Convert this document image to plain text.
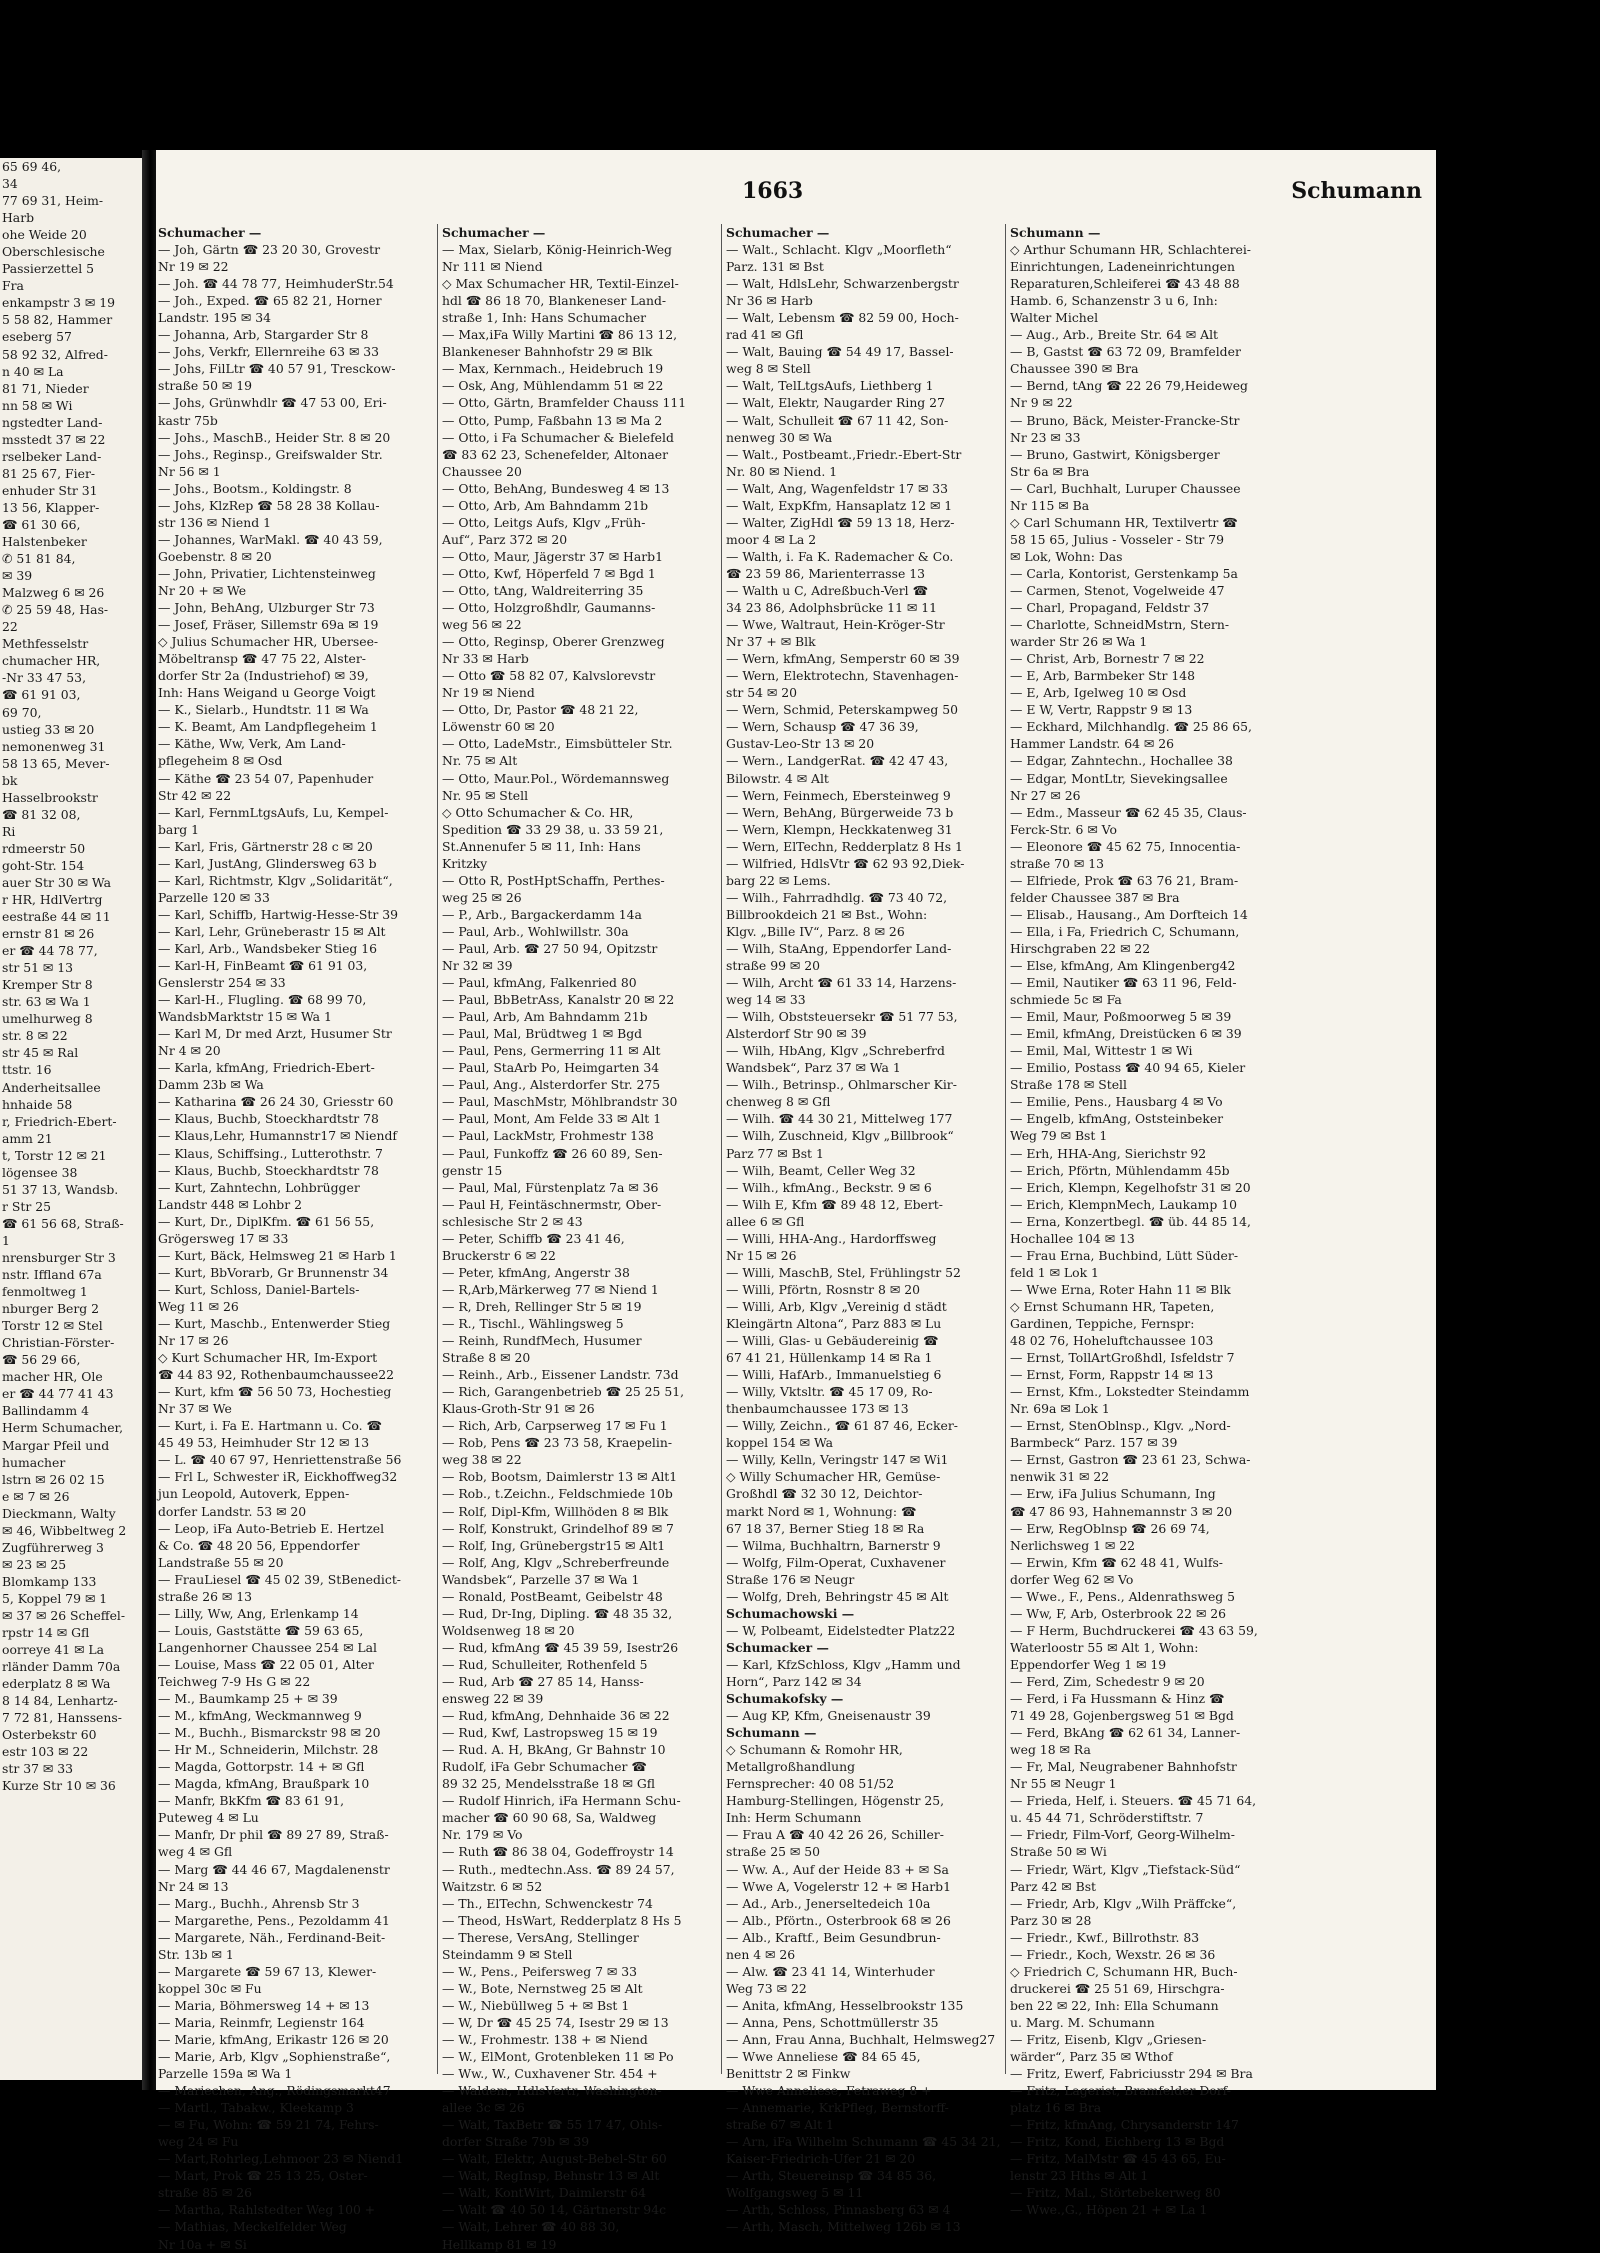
65 69 46,
34
77 69 31, Heim-
Harb
ohe Weide 20
Oberschlesische
Passierzettel 5
Fra
enkampstr 3 ✉ 19
5 58 82, Hammer
eseberg 57
58 92 32, Alfred-
n 40 ✉ La
81 71, Nieder
nn 58 ✉ Wi
ngstedter Land-
msstedt 37 ✉ 22
rselbeker Land-
81 25 67, Fier-
enhuder Str 31
13 56, Klapper-
☎ 61 30 66,
Halstenbeker
✆ 51 81 84,
✉ 39
Malzweg 6 ✉ 26
✆ 25 59 48, Has-
22
Methfesselstr
chumacher HR,
-Nr 33 47 53,
☎ 61 91 03,
69 70,
ustieg 33 ✉ 20
nemonenweg 31
58 13 65, Mever-
bk
Hasselbrookstr
☎ 81 32 08,
Ri
rdmeerstr 50
goht-Str. 154
auer Str 30 ✉ Wa
r HR, HdlVertrg
eestraße 44 ✉ 11
ernstr 81 ✉ 26
er ☎ 44 78 77,
str 51 ✉ 13
Kremper Str 8
str. 63 ✉ Wa 1
umelhurweg 8
str. 8 ✉ 22
str 45 ✉ Ral
ttstr. 16
Anderheitsallee
hnhaide 58
r, Friedrich-Ebert-
amm 21
t, Torstr 12 ✉ 21
lögensee 38
51 37 13, Wandsb.
r Str 25
☎ 61 56 68, Straß-
1
nrensburger Str 3
nstr. Iffland 67a
fenmoltweg 1
nburger Berg 2
Torstr 12 ✉ Stel
Christian-Förster-
☎ 56 29 66,
macher HR, Ole
er ☎ 44 77 41 43
Ballindamm 4
Herm Schumacher,
Margar Pfeil und
humacher
lstrn ✉ 26 02 15
e ✉ 7 ✉ 26
Dieckmann, Walty
✉ 46, Wibbeltweg 2
Zugführerweg 3
✉ 23 ✉ 25
Blomkamp 133
5, Koppel 79 ✉ 1
✉ 37 ✉ 26 Scheffel-
rpstr 14 ✉ Gfl
oorreye 41 ✉ La
rländer Damm 70a
ederplatz 8 ✉ Wa
8 14 84, Lenhartz-
7 72 81, Hanssens-
Osterbekstr 60
estr 103 ✉ 22
str 37 ✉ 33
Kurze Str 10 ✉ 36
1663	Schumann
Schumacher —
— Joh, Gärtn ☎ 23 20 30, Grovestr
Nr 19 ✉ 22
— Joh. ☎ 44 78 77, HeimhuderStr.54
— Joh., Exped. ☎ 65 82 21, Horner
Landstr. 195 ✉ 34
— Johanna, Arb, Stargarder Str 8
— Johs, Verkfr, Ellernreihe 63 ✉ 33
— Johs, FilLtr ☎ 40 57 91, Tresckow-
straße 50 ✉ 19
— Johs, Grünwhdlr ☎ 47 53 00, Eri-
kastr 75b
— Johs., MaschB., Heider Str. 8 ✉ 20
— Johs., Reginsp., Greifswalder Str.
Nr 56 ✉ 1
— Johs., Bootsm., Koldingstr. 8
— Johs, KlzRep ☎ 58 28 38 Kollau-
str 136 ✉ Niend 1
— Johannes, WarMakl. ☎ 40 43 59,
Goebenstr. 8 ✉ 20
— John, Privatier, Lichtensteinweg
Nr 20 + ✉ We
— John, BehAng, Ulzburger Str 73
— Josef, Fräser, Sillemstr 69a ✉ 19
◇ Julius Schumacher HR, Ubersee-
Möbeltransp ☎ 47 75 22, Alster-
dorfer Str 2a (Industriehof) ✉ 39,
Inh: Hans Weigand u George Voigt
— K., Sielarb., Hundtstr. 11 ✉ Wa
— K. Beamt, Am Landpflegeheim 1
— Käthe, Ww, Verk, Am Land-
pflegeheim 8 ✉ Osd
— Käthe ☎ 23 54 07, Papenhuder
Str 42 ✉ 22
— Karl, FernmLtgsAufs, Lu, Kempel-
barg 1
— Karl, Fris, Gärtnerstr 28 c ✉ 20
— Karl, JustAng, Glindersweg 63 b
— Karl, Richtmstr, Klgv „Solidarität“,
Parzelle 120 ✉ 33
— Karl, Schiffb, Hartwig-Hesse-Str 39
— Karl, Lehr, Grüneberastr 15 ✉ Alt
— Karl, Arb., Wandsbeker Stieg 16
— Karl-H, FinBeamt ☎ 61 91 03,
Genslerstr 254 ✉ 33
— Karl-H., Flugling. ☎ 68 99 70,
WandsbMarktstr 15 ✉ Wa 1
— Karl M, Dr med Arzt, Husumer Str
Nr 4 ✉ 20
— Karla, kfmAng, Friedrich-Ebert-
Damm 23b ✉ Wa
— Katharina ☎ 26 24 30, Griesstr 60
— Klaus, Buchb, Stoeckhardtstr 78
— Klaus,Lehr, Humannstr17 ✉ Niendf
— Klaus, Schiffsing., Lutterothstr. 7
— Klaus, Buchb, Stoeckhardtstr 78
— Kurt, Zahntechn, Lohbrügger
Landstr 448 ✉ Lohbr 2
— Kurt, Dr., DiplKfm. ☎ 61 56 55,
Grögersweg 17 ✉ 33
— Kurt, Bäck, Helmsweg 21 ✉ Harb 1
— Kurt, BbVorarb, Gr Brunnenstr 34
— Kurt, Schloss, Daniel-Bartels-
Weg 11 ✉ 26
— Kurt, Maschb., Entenwerder Stieg
Nr 17 ✉ 26
◇ Kurt Schumacher HR, Im-Export
☎ 44 83 92, Rothenbaumchaussee22
— Kurt, kfm ☎ 56 50 73, Hochestieg
Nr 37 ✉ We
— Kurt, i. Fa E. Hartmann u. Co. ☎
45 49 53, Heimhuder Str 12 ✉ 13
— L. ☎ 40 67 97, Henriettenstraße 56
— Frl L, Schwester iR, Eickhoffweg32
jun Leopold, Autoverk, Eppen-
dorfer Landstr. 53 ✉ 20
— Leop, iFa Auto-Betrieb E. Hertzel
& Co. ☎ 48 20 56, Eppendorfer
Landstraße 55 ✉ 20
— FrauLiesel ☎ 45 02 39, StBenedict-
straße 26 ✉ 13
— Lilly, Ww, Ang, Erlenkamp 14
— Louis, Gaststätte ☎ 59 63 65,
Langenhorner Chaussee 254 ✉ Lal
— Louise, Mass ☎ 22 05 01, Alter
Teichweg 7-9 Hs G ✉ 22
— M., Baumkamp 25 + ✉ 39
— M., kfmAng, Weckmannweg 9
— M., Buchh., Bismarckstr 98 ✉ 20
— Hr M., Schneiderin, Milchstr. 28
— Magda, Gottorpstr. 14 + ✉ Gfl
— Magda, kfmAng, Braußpark 10
— Manfr, BkKfm ☎ 83 61 91,
Puteweg 4 ✉ Lu
— Manfr, Dr phil ☎ 89 27 89, Straß-
weg 4 ✉ Gfl
— Marg ☎ 44 46 67, Magdalenenstr
Nr 24 ✉ 13
— Marg., Buchh., Ahrensb Str 3
— Margarethe, Pens., Pezoldamm 41
— Margarete, Näh., Ferdinand-Beit-
Str. 13b ✉ 1
— Margarete ☎ 59 67 13, Klewer-
koppel 30c ✉ Fu
— Maria, Böhmersweg 14 + ✉ 13
— Maria, Reinmfr, Legienstr 164
— Marie, kfmAng, Erikastr 126 ✉ 20
— Marie, Arb, Klgv „Sophienstraße“,
Parzelle 159a ✉ Wa 1
— Mariechen, Ang., Rödingsmarkt47
— Martl., Tabakw., Kleekamp 3
— ✉ Fu, Wohn: ☎ 59 21 74, Fehrs-
weg 24 ✉ Fu
— Mart,Rohrleg,Lehmoor 23 ✉ Niend1
— Mart, Prok ☎ 25 13 25, Oster-
straße 85 ✉ 26
— Martha, Rahlstedter Weg 100 +
— Mathias, Meckelfelder Weg
Nr 10a + ✉ Si
Schumacher —
— Max, Sielarb, König-Heinrich-Weg
Nr 111 ✉ Niend
◇ Max Schumacher HR, Textil-Einzel-
hdl ☎ 86 18 70, Blankeneser Land-
straße 1, Inh: Hans Schumacher
— Max,iFa Willy Martini ☎ 86 13 12,
Blankeneser Bahnhofstr 29 ✉ Blk
— Max, Kernmach., Heidebruch 19
— Osk, Ang, Mühlendamm 51 ✉ 22
— Otto, Gärtn, Bramfelder Chauss 111
— Otto, Pump, Faßbahn 13 ✉ Ma 2
— Otto, i Fa Schumacher & Bielefeld
☎ 83 62 23, Schenefelder, Altonaer
Chaussee 20
— Otto, BehAng, Bundesweg 4 ✉ 13
— Otto, Arb, Am Bahndamm 21b
— Otto, Leitgs Aufs, Klgv „Früh-
Auf“, Parz 372 ✉ 20
— Otto, Maur, Jägerstr 37 ✉ Harb1
— Otto, Kwf, Höperfeld 7 ✉ Bgd 1
— Otto, tAng, Waldreiterring 35
— Otto, Holzgroßhdlr, Gaumanns-
weg 56 ✉ 22
— Otto, Reginsp, Oberer Grenzweg
Nr 33 ✉ Harb
— Otto ☎ 58 82 07, Kalvslorevstr
Nr 19 ✉ Niend
— Otto, Dr, Pastor ☎ 48 21 22,
Löwenstr 60 ✉ 20
— Otto, LadeMstr., Eimsbütteler Str.
Nr. 75 ✉ Alt
— Otto, Maur.Pol., Wördemannsweg
Nr. 95 ✉ Stell
◇ Otto Schumacher & Co. HR,
Spedition ☎ 33 29 38, u. 33 59 21,
St.Annenufer 5 ✉ 11, Inh: Hans
Kritzky
— Otto R, PostHptSchaffn, Perthes-
weg 25 ✉ 26
— P., Arb., Bargackerdamm 14a
— Paul, Arb., Wohlwillstr. 30a
— Paul, Arb. ☎ 27 50 94, Opitzstr
Nr 32 ✉ 39
— Paul, kfmAng, Falkenried 80
— Paul, BbBetrAss, Kanalstr 20 ✉ 22
— Paul, Arb, Am Bahndamm 21b
— Paul, Mal, Brüdtweg 1 ✉ Bgd
— Paul, Pens, Germerring 11 ✉ Alt
— Paul, StaArb Po, Heimgarten 34
— Paul, Ang., Alsterdorfer Str. 275
— Paul, MaschMstr, Möhlbrandstr 30
— Paul, Mont, Am Felde 33 ✉ Alt 1
— Paul, LackMstr, Frohmestr 138
— Paul, Funkoffz ☎ 26 60 89, Sen-
genstr 15
— Paul, Mal, Fürstenplatz 7a ✉ 36
— Paul H, Feintäschnermstr, Ober-
schlesische Str 2 ✉ 43
— Peter, Schiffb ☎ 23 41 46,
Bruckerstr 6 ✉ 22
— Peter, kfmAng, Angerstr 38
— R,Arb,Märkerweg 77 ✉ Niend 1
— R, Dreh, Rellinger Str 5 ✉ 19
— R., Tischl., Wählingsweg 5
— Reinh, RundfMech, Husumer
Straße 8 ✉ 20
— Reinh., Arb., Eissener Landstr. 73d
— Rich, Garangenbetrieb ☎ 25 25 51,
Klaus-Groth-Str 91 ✉ 26
— Rich, Arb, Carpserweg 17 ✉ Fu 1
— Rob, Pens ☎ 23 73 58, Kraepelin-
weg 38 ✉ 22
— Rob, Bootsm, Daimlerstr 13 ✉ Alt1
— Rob., t.Zeichn., Feldschmiede 10b
— Rolf, Dipl-Kfm, Willhöden 8 ✉ Blk
— Rolf, Konstrukt, Grindelhof 89 ✉ 7
— Rolf, Ing, Grünebergstr15 ✉ Alt1
— Rolf, Ang, Klgv „Schreberfreunde
Wandsbek“, Parzelle 37 ✉ Wa 1
— Ronald, PostBeamt, Geibelstr 48
— Rud, Dr-Ing, Dipling. ☎ 48 35 32,
Woldsenweg 18 ✉ 20
— Rud, kfmAng ☎ 45 39 59, Isestr26
— Rud, Schulleiter, Rothenfeld 5
— Rud, Arb ☎ 27 85 14, Hanss-
ensweg 22 ✉ 39
— Rud, kfmAng, Dehnhaide 36 ✉ 22
— Rud, Kwf, Lastropsweg 15 ✉ 19
— Rud. A. H, BkAng, Gr Bahnstr 10
Rudolf, iFa Gebr Schumacher ☎
89 32 25, Mendelsstraße 18 ✉ Gfl
— Rudolf Hinrich, iFa Hermann Schu-
macher ☎ 60 90 68, Sa, Waldweg
Nr. 179 ✉ Vo
— Ruth ☎ 86 38 04, Godeffroystr 14
— Ruth., medtechn.Ass. ☎ 89 24 57,
Waitzstr. 6 ✉ 52
— Th., ElTechn, Schwenckestr 74
— Theod, HsWart, Redderplatz 8 Hs 5
— Therese, VersAng, Stellinger
Steindamm 9 ✉ Stell
— W., Pens., Peifersweg 7 ✉ 33
— W., Bote, Nernstweg 25 ✉ Alt
— W., Niebüllweg 5 + ✉ Bst 1
— W, Dr ☎ 45 25 74, Isestr 29 ✉ 13
— W., Frohmestr. 138 + ✉ Niend
— W., ElMont, Grotenbleken 11 ✉ Po
— Ww., W., Cuxhavener Str. 454 +
— Waldem, HdlsVertr, Washington-
allee 3c ✉ 26
— Walt, TaxBetr ☎ 55 17 47, Ohls-
dorfer Straße 79b ✉ 39
— Walt, Elektr, August-Bebel-Str 60
— Walt, RegInsp, Behnstr 13 ✉ Alt
— Walt, KontWirt, Daimlerstr 64
— Walt ☎ 40 50 14, Gärtnerstr 94c
— Walt, Lehrer ☎ 40 88 30,
Hellkamp 81 ✉ 19
Schumacher —
— Walt., Schlacht. Klgv „Moorfleth“
Parz. 131 ✉ Bst
— Walt, HdlsLehr, Schwarzenbergstr
Nr 36 ✉ Harb
— Walt, Lebensm ☎ 82 59 00, Hoch-
rad 41 ✉ Gfl
— Walt, Bauing ☎ 54 49 17, Bassel-
weg 8 ✉ Stell
— Walt, TelLtgsAufs, Liethberg 1
— Walt, Elektr, Naugarder Ring 27
— Walt, Schulleit ☎ 67 11 42, Son-
nenweg 30 ✉ Wa
— Walt., Postbeamt.,Friedr.-Ebert-Str
Nr. 80 ✉ Niend. 1
— Walt, Ang, Wagenfeldstr 17 ✉ 33
— Walt, ExpKfm, Hansaplatz 12 ✉ 1
— Walter, ZigHdl ☎ 59 13 18, Herz-
moor 4 ✉ La 2
— Walth, i. Fa K. Rademacher & Co.
☎ 23 59 86, Marienterrasse 13
— Walth u C, Adreßbuch-Verl ☎
34 23 86, Adolphsbrücke 11 ✉ 11
— Wwe, Waltraut, Hein-Kröger-Str
Nr 37 + ✉ Blk
— Wern, kfmAng, Semperstr 60 ✉ 39
— Wern, Elektrotechn, Stavenhagen-
str 54 ✉ 20
— Wern, Schmid, Peterskampweg 50
— Wern, Schausp ☎ 47 36 39,
Gustav-Leo-Str 13 ✉ 20
— Wern., LandgerRat. ☎ 42 47 43,
Bilowstr. 4 ✉ Alt
— Wern, Feinmech, Ebersteinweg 9
— Wern, BehAng, Bürgerweide 73 b
— Wern, Klempn, Heckkatenweg 31
— Wern, ElTechn, Redderplatz 8 Hs 1
— Wilfried, HdlsVtr ☎ 62 93 92,Diek-
barg 22 ✉ Lems.
— Wilh., Fahrradhdlg. ☎ 73 40 72,
Billbrookdeich 21 ✉ Bst., Wohn:
Klgv. „Bille IV“, Parz. 8 ✉ 26
— Wilh, StaAng, Eppendorfer Land-
straße 99 ✉ 20
— Wilh, Archt ☎ 61 33 14, Harzens-
weg 14 ✉ 33
— Wilh, Obststeuersekr ☎ 51 77 53,
Alsterdorf Str 90 ✉ 39
— Wilh, HbAng, Klgv „Schreberfrd
Wandsbek“, Parz 37 ✉ Wa 1
— Wilh., Betrinsp., Ohlmarscher Kir-
chenweg 8 ✉ Gfl
— Wilh. ☎ 44 30 21, Mittelweg 177
— Wilh, Zuschneid, Klgv „Billbrook“
Parz 77 ✉ Bst 1
— Wilh, Beamt, Celler Weg 32
— Wilh., kfmAng., Beckstr. 9 ✉ 6
— Wilh E, Kfm ☎ 89 48 12, Ebert-
allee 6 ✉ Gfl
— Willi, HHA-Ang., Hardorffsweg
Nr 15 ✉ 26
— Willi, MaschB, Stel, Frühlingstr 52
— Willi, Pförtn, Rosnstr 8 ✉ 20
— Willi, Arb, Klgv „Vereinig d städt
Kleingärtn Altona“, Parz 883 ✉ Lu
— Willi, Glas- u Gebäudereinig ☎
67 41 21, Hüllenkamp 14 ✉ Ra 1
— Willi, HafArb., Immanuelstieg 6
— Willy, Vktsltr. ☎ 45 17 09, Ro-
thenbaumchaussee 173 ✉ 13
— Willy, Zeichn., ☎ 61 87 46, Ecker-
koppel 154 ✉ Wa
— Willy, Kelln, Veringstr 147 ✉ Wi1
◇ Willy Schumacher HR, Gemüse-
Großhdl ☎ 32 30 12, Deichtor-
markt Nord ✉ 1, Wohnung: ☎
67 18 37, Berner Stieg 18 ✉ Ra
— Wilma, Buchhaltrn, Barnerstr 9
— Wolfg, Film-Operat, Cuxhavener
Straße 176 ✉ Neugr
— Wolfg, Dreh, Behringstr 45 ✉ Alt
Schumachowski —
— W, Polbeamt, Eidelstedter Platz22
Schumacker —
— Karl, KfzSchloss, Klgv „Hamm und
Horn“, Parz 142 ✉ 34
Schumakofsky —
— Aug KP, Kfm, Gneisenaustr 39
Schumann —
◇ Schumann & Romohr HR,
Metallgroßhandlung
Fernsprecher: 40 08 51/52
Hamburg-Stellingen, Högenstr 25,
Inh: Herm Schumann
— Frau A ☎ 40 42 26 26, Schiller-
straße 25 ✉ 50
— Ww. A., Auf der Heide 83 + ✉ Sa
— Wwe A, Vogelerstr 12 + ✉ Harb1
— Ad., Arb., Jenerseltedeich 10a
— Alb., Pförtn., Osterbrook 68 ✉ 26
— Alb., Kraftf., Beim Gesundbrun-
nen 4 ✉ 26
— Alw. ☎ 23 41 14, Winterhuder
Weg 73 ✉ 22
— Anita, kfmAng, Hesselbrookstr 135
— Anna, Pens, Schottmüllerstr 35
— Ann, Frau Anna, Buchhalt, Helmsweg27
— Wwe Anneliese ☎ 84 65 45,
Benittstr 2 ✉ Finkw
— Wwe Anneliese, Fetraweg 8 +
— Annemarie, KrkPfleg, Bernstorff-
straße 67 ✉ Alt 1
— Arn, iFa Wilhelm Schumann ☎ 45 34 21,
Kaiser-Friedrich-Ufer 21 ✉ 20
— Arth, Steuereinsp ☎ 34 85 36,
Wolfgangsweg 5 ✉ 11
— Arth, Schloss, Pinnasberg 63 ✉ 4
— Arth, Masch, Mittelweg 126b ✉ 13
Schumann —
◇ Arthur Schumann HR, Schlachterei-
Einrichtungen, Ladeneinrichtungen
Reparaturen,Schleiferei ☎ 43 48 88
Hamb. 6, Schanzenstr 3 u 6, Inh:
Walter Michel
— Aug., Arb., Breite Str. 64 ✉ Alt
— B, Gastst ☎ 63 72 09, Bramfelder
Chaussee 390 ✉ Bra
— Bernd, tAng ☎ 22 26 79,Heideweg
Nr 9 ✉ 22
— Bruno, Bäck, Meister-Francke-Str
Nr 23 ✉ 33
— Bruno, Gastwirt, Königsberger
Str 6a ✉ Bra
— Carl, Buchhalt, Luruper Chaussee
Nr 115 ✉ Ba
◇ Carl Schumann HR, Textilvertr ☎
58 15 65, Julius - Vosseler - Str 79
✉ Lok, Wohn: Das
— Carla, Kontorist, Gerstenkamp 5a
— Carmen, Stenot, Vogelweide 47
— Charl, Propagand, Feldstr 37
— Charlotte, SchneidMstrn, Stern-
warder Str 26 ✉ Wa 1
— Christ, Arb, Bornestr 7 ✉ 22
— E, Arb, Barmbeker Str 148
— E, Arb, Igelweg 10 ✉ Osd
— E W, Vertr, Rappstr 9 ✉ 13
— Eckhard, Milchhandlg. ☎ 25 86 65,
Hammer Landstr. 64 ✉ 26
— Edgar, Zahntechn., Hochallee 38
— Edgar, MontLtr, Sievekingsallee
Nr 27 ✉ 26
— Edm., Masseur ☎ 62 45 35, Claus-
Ferck-Str. 6 ✉ Vo
— Eleonore ☎ 45 62 75, Innocentia-
straße 70 ✉ 13
— Elfriede, Prok ☎ 63 76 21, Bram-
felder Chaussee 387 ✉ Bra
— Elisab., Hausang., Am Dorfteich 14
— Ella, i Fa, Friedrich C, Schumann,
Hirschgraben 22 ✉ 22
— Else, kfmAng, Am Klingenberg42
— Emil, Nautiker ☎ 63 11 96, Feld-
schmiede 5c ✉ Fa
— Emil, Maur, Poßmoorweg 5 ✉ 39
— Emil, kfmAng, Dreistücken 6 ✉ 39
— Emil, Mal, Wittestr 1 ✉ Wi
— Emilio, Postass ☎ 40 94 65, Kieler
Straße 178 ✉ Stell
— Emilie, Pens., Hausbarg 4 ✉ Vo
— Engelb, kfmAng, Oststeinbeker
Weg 79 ✉ Bst 1
— Erh, HHA-Ang, Sierichstr 92
— Erich, Pförtn, Mühlendamm 45b
— Erich, Klempn, Kegelhofstr 31 ✉ 20
— Erich, KlempnMech, Laukamp 10
— Erna, Konzertbegl. ☎ üb. 44 85 14,
Hochallee 104 ✉ 13
— Frau Erna, Buchbind, Lütt Süder-
feld 1 ✉ Lok 1
— Wwe Erna, Roter Hahn 11 ✉ Blk
◇ Ernst Schumann HR, Tapeten,
Gardinen, Teppiche, Fernspr:
48 02 76, Hoheluftchaussee 103
— Ernst, TollArtGroßhdl, Isfeldstr 7
— Ernst, Form, Rappstr 14 ✉ 13
— Ernst, Kfm., Lokstedter Steindamm
Nr. 69a ✉ Lok 1
— Ernst, StenOblnsp., Klgv. „Nord-
Barmbeck“ Parz. 157 ✉ 39
— Ernst, Gastron ☎ 23 61 23, Schwa-
nenwik 31 ✉ 22
— Erw, iFa Julius Schumann, Ing
☎ 47 86 93, Hahnemannstr 3 ✉ 20
— Erw, RegOblnsp ☎ 26 69 74,
Nerlichsweg 1 ✉ 22
— Erwin, Kfm ☎ 62 48 41, Wulfs-
dorfer Weg 62 ✉ Vo
— Wwe., F., Pens., Aldenrathsweg 5
— Ww, F, Arb, Osterbrook 22 ✉ 26
— F Herm, Buchdruckerei ☎ 43 63 59,
Waterloostr 55 ✉ Alt 1, Wohn:
Eppendorfer Weg 1 ✉ 19
— Ferd, Zim, Schedestr 9 ✉ 20
— Ferd, i Fa Hussmann & Hinz ☎
71 49 28, Gojenbergsweg 51 ✉ Bgd
— Ferd, BkAng ☎ 62 61 34, Lanner-
weg 18 ✉ Ra
— Fr, Mal, Neugrabener Bahnhofstr
Nr 55 ✉ Neugr 1
— Frieda, Helf, i. Steuers. ☎ 45 71 64,
u. 45 44 71, Schröderstiftstr. 7
— Friedr, Film-Vorf, Georg-Wilhelm-
Straße 50 ✉ Wi
— Friedr, Wärt, Klgv „Tiefstack-Süd“
Parz 42 ✉ Bst
— Friedr, Arb, Klgv „Wilh Präffcke“,
Parz 30 ✉ 28
— Friedr., Kwf., Billrothstr. 83
— Friedr., Koch, Wexstr. 26 ✉ 36
◇ Friedrich C, Schumann HR, Buch-
druckerei ☎ 25 51 69, Hirschgra-
ben 22 ✉ 22, Inh: Ella Schumann
u. Marg. M. Schumann
— Fritz, Eisenb, Klgv „Griesen-
wärder“, Parz 35 ✉ Wthof
— Fritz, Ewerf, Fabriciusstr 294 ✉ Bra
— Fritz, Lagerist, Bramfelder Dorf-
platz 16 ✉ Bra
— Fritz, kfmAng, Chrysanderstr 147
— Fritz, Kond, Eichberg 13 ✉ Bgd
— Fritz, MalMstr ☎ 45 43 65, Eu-
lenstr 23 Hths ✉ Alt 1
— Fritz, Mal., Störtebekerweg 80
— Wwe.,G., Höpen 21 + ✉ La 1
